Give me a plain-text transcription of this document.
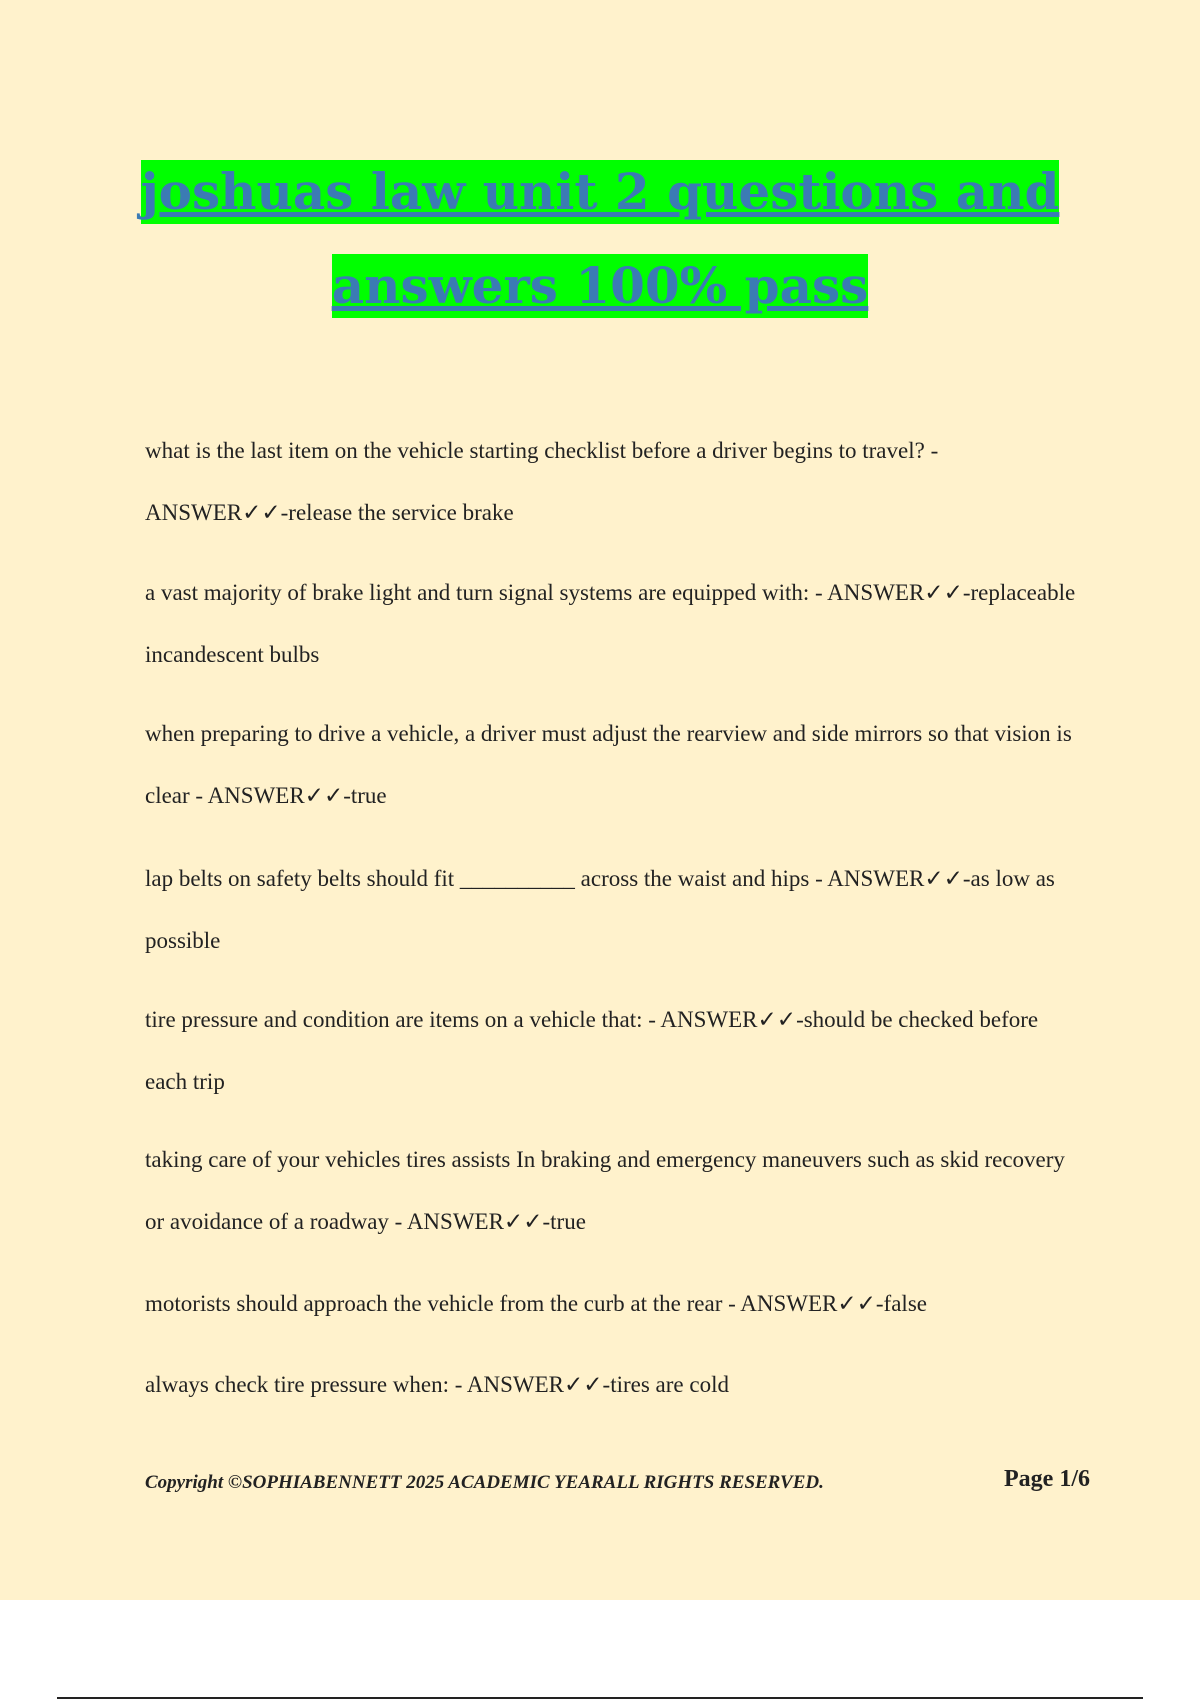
joshuas law unit 2 questions and
answers 100% pass
what is the last item on the vehicle starting checklist before a driver begins to travel? - ANSWER✓✓-release the service brake
a vast majority of brake light and turn signal systems are equipped with: - ANSWER✓✓-replaceable incandescent bulbs
when preparing to drive a vehicle, a driver must adjust the rearview and side mirrors so that vision is clear - ANSWER✓✓-true
lap belts on safety belts should fit __________ across the waist and hips - ANSWER✓✓-as low as possible
tire pressure and condition are items on a vehicle that: - ANSWER✓✓-should be checked before each trip
taking care of your vehicles tires assists In braking and emergency maneuvers such as skid recovery or avoidance of a roadway - ANSWER✓✓-true
motorists should approach the vehicle from the curb at the rear - ANSWER✓✓-false
always check tire pressure when: - ANSWER✓✓-tires are cold
Copyright ©SOPHIABENNETT 2025 ACADEMIC YEARALL RIGHTS RESERVED.	Page 1/6
